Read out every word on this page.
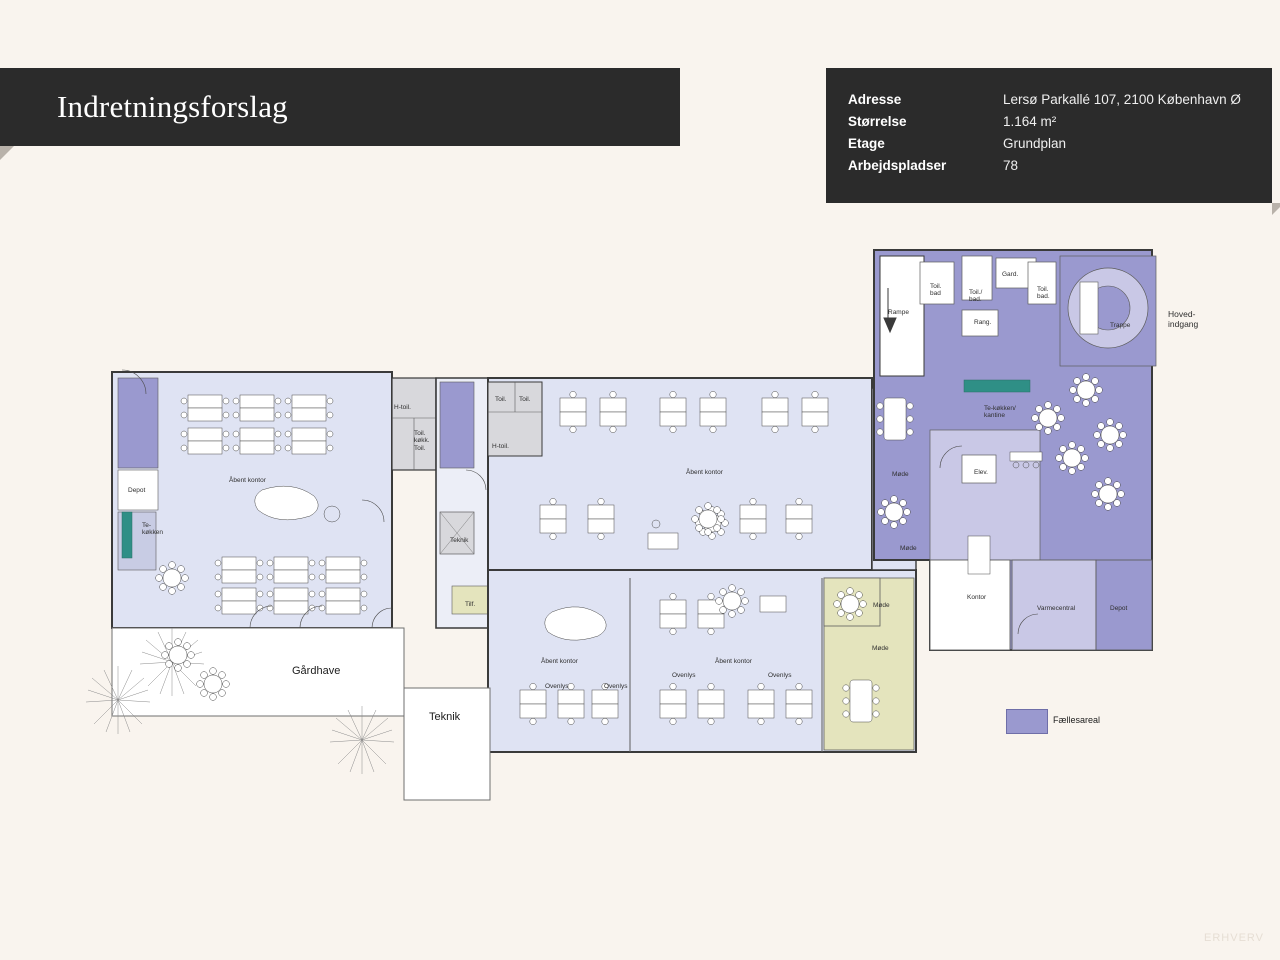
Indretningsforslag	Adresse	Lersø Parkallé 107, 2100 København Ø
Størrelse	1.164 m²
Etage	Grundplan
Arbejdspladser	78
Hoved-
indgang
Rampe
Toil.
bad	Toil./
bad.
Gard.
Toil.
bad.
Trappe
Rang.
Te-køkken/
kantine
Elev.
Kontor
Varmecentral	Depot
Møde
Møde
Møde
Møde
Åbent kontor
Åbent kontor
Åbent kontor	Åbent kontor
Depot
Te-
køkken
H-toil.
Toil.
køkk.
Toil.
Toil. Toil.
H-toil.
Teknik
Tilf.
Ovenlys	Ovenlys
Ovenlys	Ovenlys
Gårdhave
Teknik	Fællesareal
ERHVERV
